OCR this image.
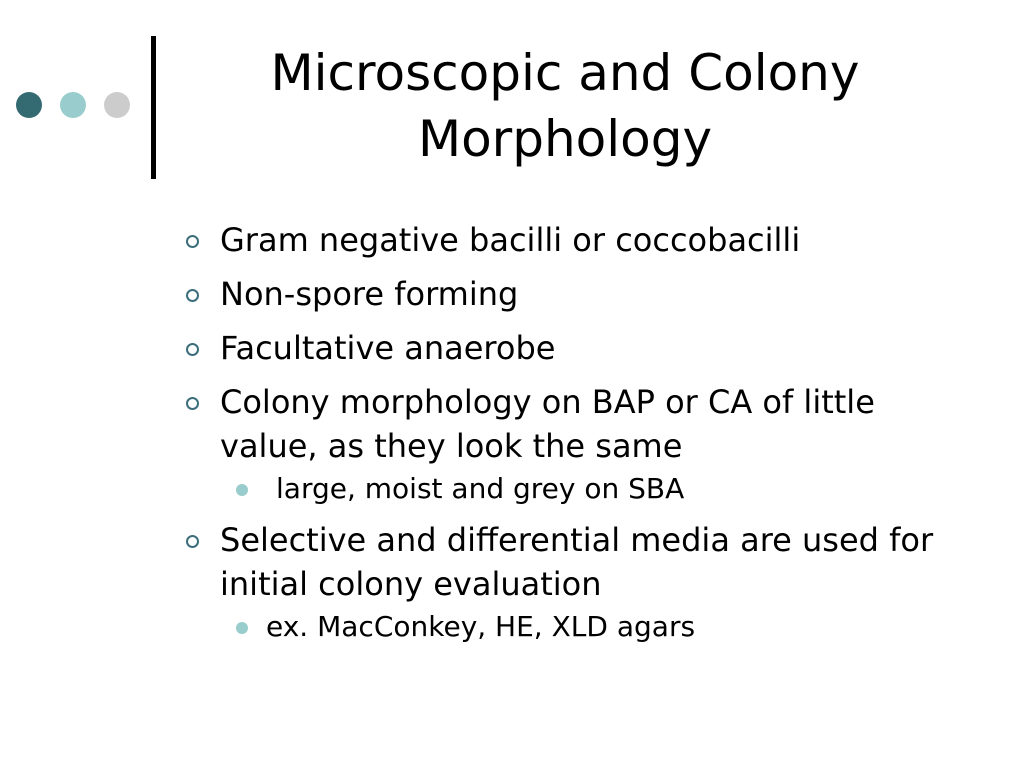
Microscopic and Colony Morphology
Gram negative bacilli or coccobacilli
Non-spore forming
Facultative anaerobe
Colony morphology on BAP or CA of little value, as they look the same
large, moist and grey on SBA
Selective and differential media are used for initial colony evaluation
ex. MacConkey, HE, XLD agars
